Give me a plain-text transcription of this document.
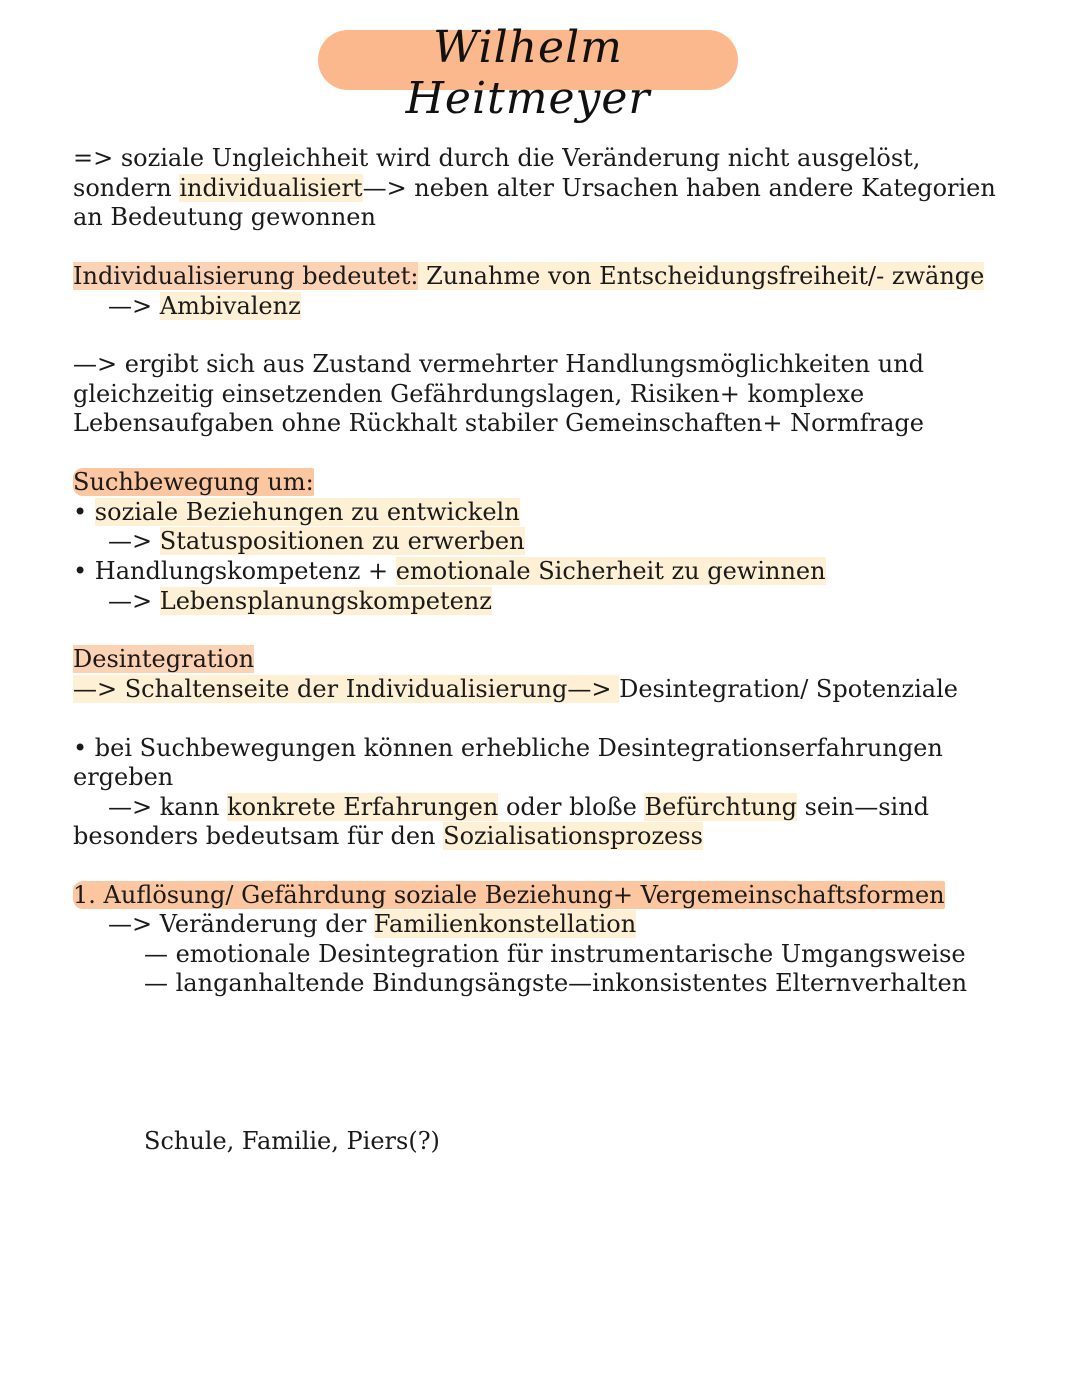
Wilhelm Heitmeyer
=> soziale Ungleichheit wird durch die Veränderung nicht ausgelöst,
sondern individualisiert—> neben alter Ursachen haben andere Kategorien
an Bedeutung gewonnen
Individualisierung bedeutet: Zunahme von Entscheidungsfreiheit/- zwänge
—> Ambivalenz
—> ergibt sich aus Zustand vermehrter Handlungsmöglichkeiten und
gleichzeitig einsetzenden Gefährdungslagen, Risiken+ komplexe
Lebensaufgaben ohne Rückhalt stabiler Gemeinschaften+ Normfrage
Suchbewegung um:
• soziale Beziehungen zu entwickeln
—> Statuspositionen zu erwerben
• Handlungskompetenz + emotionale Sicherheit zu gewinnen
—> Lebensplanungskompetenz
Desintegration
—> Schaltenseite der Individualisierung—> Desintegration/ Spotenziale
• bei Suchbewegungen können erhebliche Desintegrationserfahrungen
ergeben
—> kann konkrete Erfahrungen oder bloße Befürchtung sein—sind
besonders bedeutsam für den Sozialisationsprozess
1. Auflösung/ Gefährdung soziale Beziehung+ Vergemeinschaftsformen
—> Veränderung der Familienkonstellation
— emotionale Desintegration für instrumentarische Umgangsweise
— langanhaltende Bindungsängste—inkonsistentes Elternverhalten
Schule, Familie, Piers(?)
